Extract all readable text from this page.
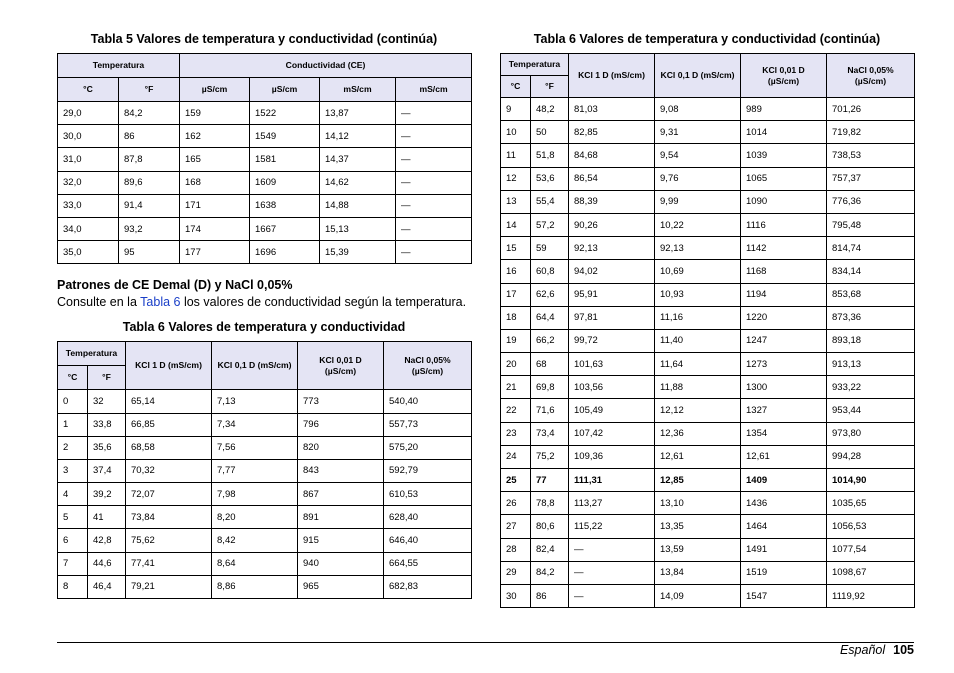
Tabla 5 Valores de temperatura y conductividad (continúa)
Temperatura		Conductividad (CE)			
°C	°F	µS/cm	µS/cm	mS/cm	mS/cm
29,0	84,2	159	1522	13,87	—
30,0	86	162	1549	14,12	—
31,0	87,8	165	1581	14,37	—
32,0	89,6	168	1609	14,62	—
33,0	91,4	171	1638	14,88	—
34,0	93,2	174	1667	15,13	—
35,0	95	177	1696	15,39	—
Patrones de CE Demal (D) y NaCl 0,05%
Consulte en la Tabla 6 los valores de conductividad según la temperatura.
Tabla 6 Valores de temperatura y conductividad
Temperatura		KCl 1 D (mS/cm)	KCl 0,1 D (mS/cm)	KCl 0,01 D (µS/cm)	NaCl 0,05% (µS/cm)
°C	°F				
0	32	65,14	7,13	773	540,40
1	33,8	66,85	7,34	796	557,73
2	35,6	68,58	7,56	820	575,20
3	37,4	70,32	7,77	843	592,79
4	39,2	72,07	7,98	867	610,53
5	41	73,84	8,20	891	628,40
6	42,8	75,62	8,42	915	646,40
7	44,6	77,41	8,64	940	664,55
8	46,4	79,21	8,86	965	682,83
Tabla 6 Valores de temperatura y conductividad (continúa)
Temperatura		KCl 1 D (mS/cm)	KCl 0,1 D (mS/cm)	KCl 0,01 D (µS/cm)	NaCl 0,05% (µS/cm)
°C	°F				
9	48,2	81,03	9,08	989	701,26
10	50	82,85	9,31	1014	719,82
11	51,8	84,68	9,54	1039	738,53
12	53,6	86,54	9,76	1065	757,37
13	55,4	88,39	9,99	1090	776,36
14	57,2	90,26	10,22	1116	795,48
15	59	92,13	92,13	1142	814,74
16	60,8	94,02	10,69	1168	834,14
17	62,6	95,91	10,93	1194	853,68
18	64,4	97,81	11,16	1220	873,36
19	66,2	99,72	11,40	1247	893,18
20	68	101,63	11,64	1273	913,13
21	69,8	103,56	11,88	1300	933,22
22	71,6	105,49	12,12	1327	953,44
23	73,4	107,42	12,36	1354	973,80
24	75,2	109,36	12,61	12,61	994,28
25	77	111,31	12,85	1409	1014,90
26	78,8	113,27	13,10	1436	1035,65
27	80,6	115,22	13,35	1464	1056,53
28	82,4	—	13,59	1491	1077,54
29	84,2	—	13,84	1519	1098,67
30	86	—	14,09	1547	1119,92
Español 105
